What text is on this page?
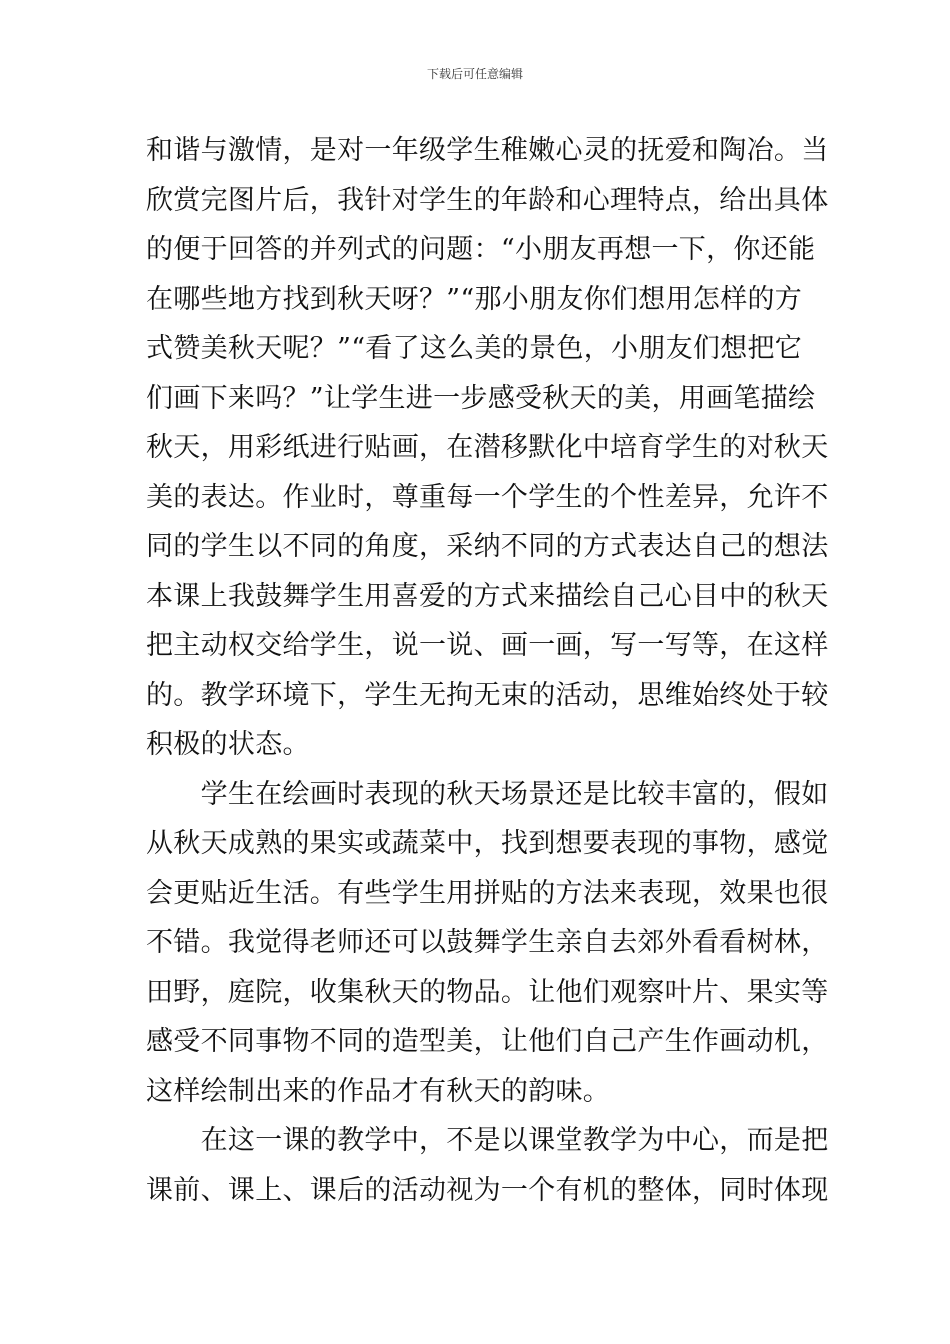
下载后可任意编辑
和谐与激情，是对一年级学生稚嫩心灵的抚爱和陶冶。当
欣赏完图片后，我针对学生的年龄和心理特点，给出具体
的便于回答的并列式的问题：“小朋友再想一下，你还能
在哪些地方找到秋天呀？”“那小朋友你们想用怎样的方
式赞美秋天呢？”“看了这么美的景色，小朋友们想把它
们画下来吗？”让学生进一步感受秋天的美，用画笔描绘
秋天，用彩纸进行贴画，在潜移默化中培育学生的对秋天
美的表达。作业时，尊重每一个学生的个性差异，允许不
同的学生以不同的角度，采纳不同的方式表达自己的想法
本课上我鼓舞学生用喜爱的方式来描绘自己心目中的秋天
把主动权交给学生，说一说、画一画，写一写等，在这样
的。教学环境下，学生无拘无束的活动，思维始终处于较
积极的状态。
　　学生在绘画时表现的秋天场景还是比较丰富的，假如
从秋天成熟的果实或蔬菜中，找到想要表现的事物，感觉
会更贴近生活。有些学生用拼贴的方法来表现，效果也很
不错。我觉得老师还可以鼓舞学生亲自去郊外看看树林，
田野，庭院，收集秋天的物品。让他们观察叶片、果实等
感受不同事物不同的造型美，让他们自己产生作画动机，
这样绘制出来的作品才有秋天的韵味。
　　在这一课的教学中，不是以课堂教学为中心，而是把
课前、课上、课后的活动视为一个有机的整体，同时体现
